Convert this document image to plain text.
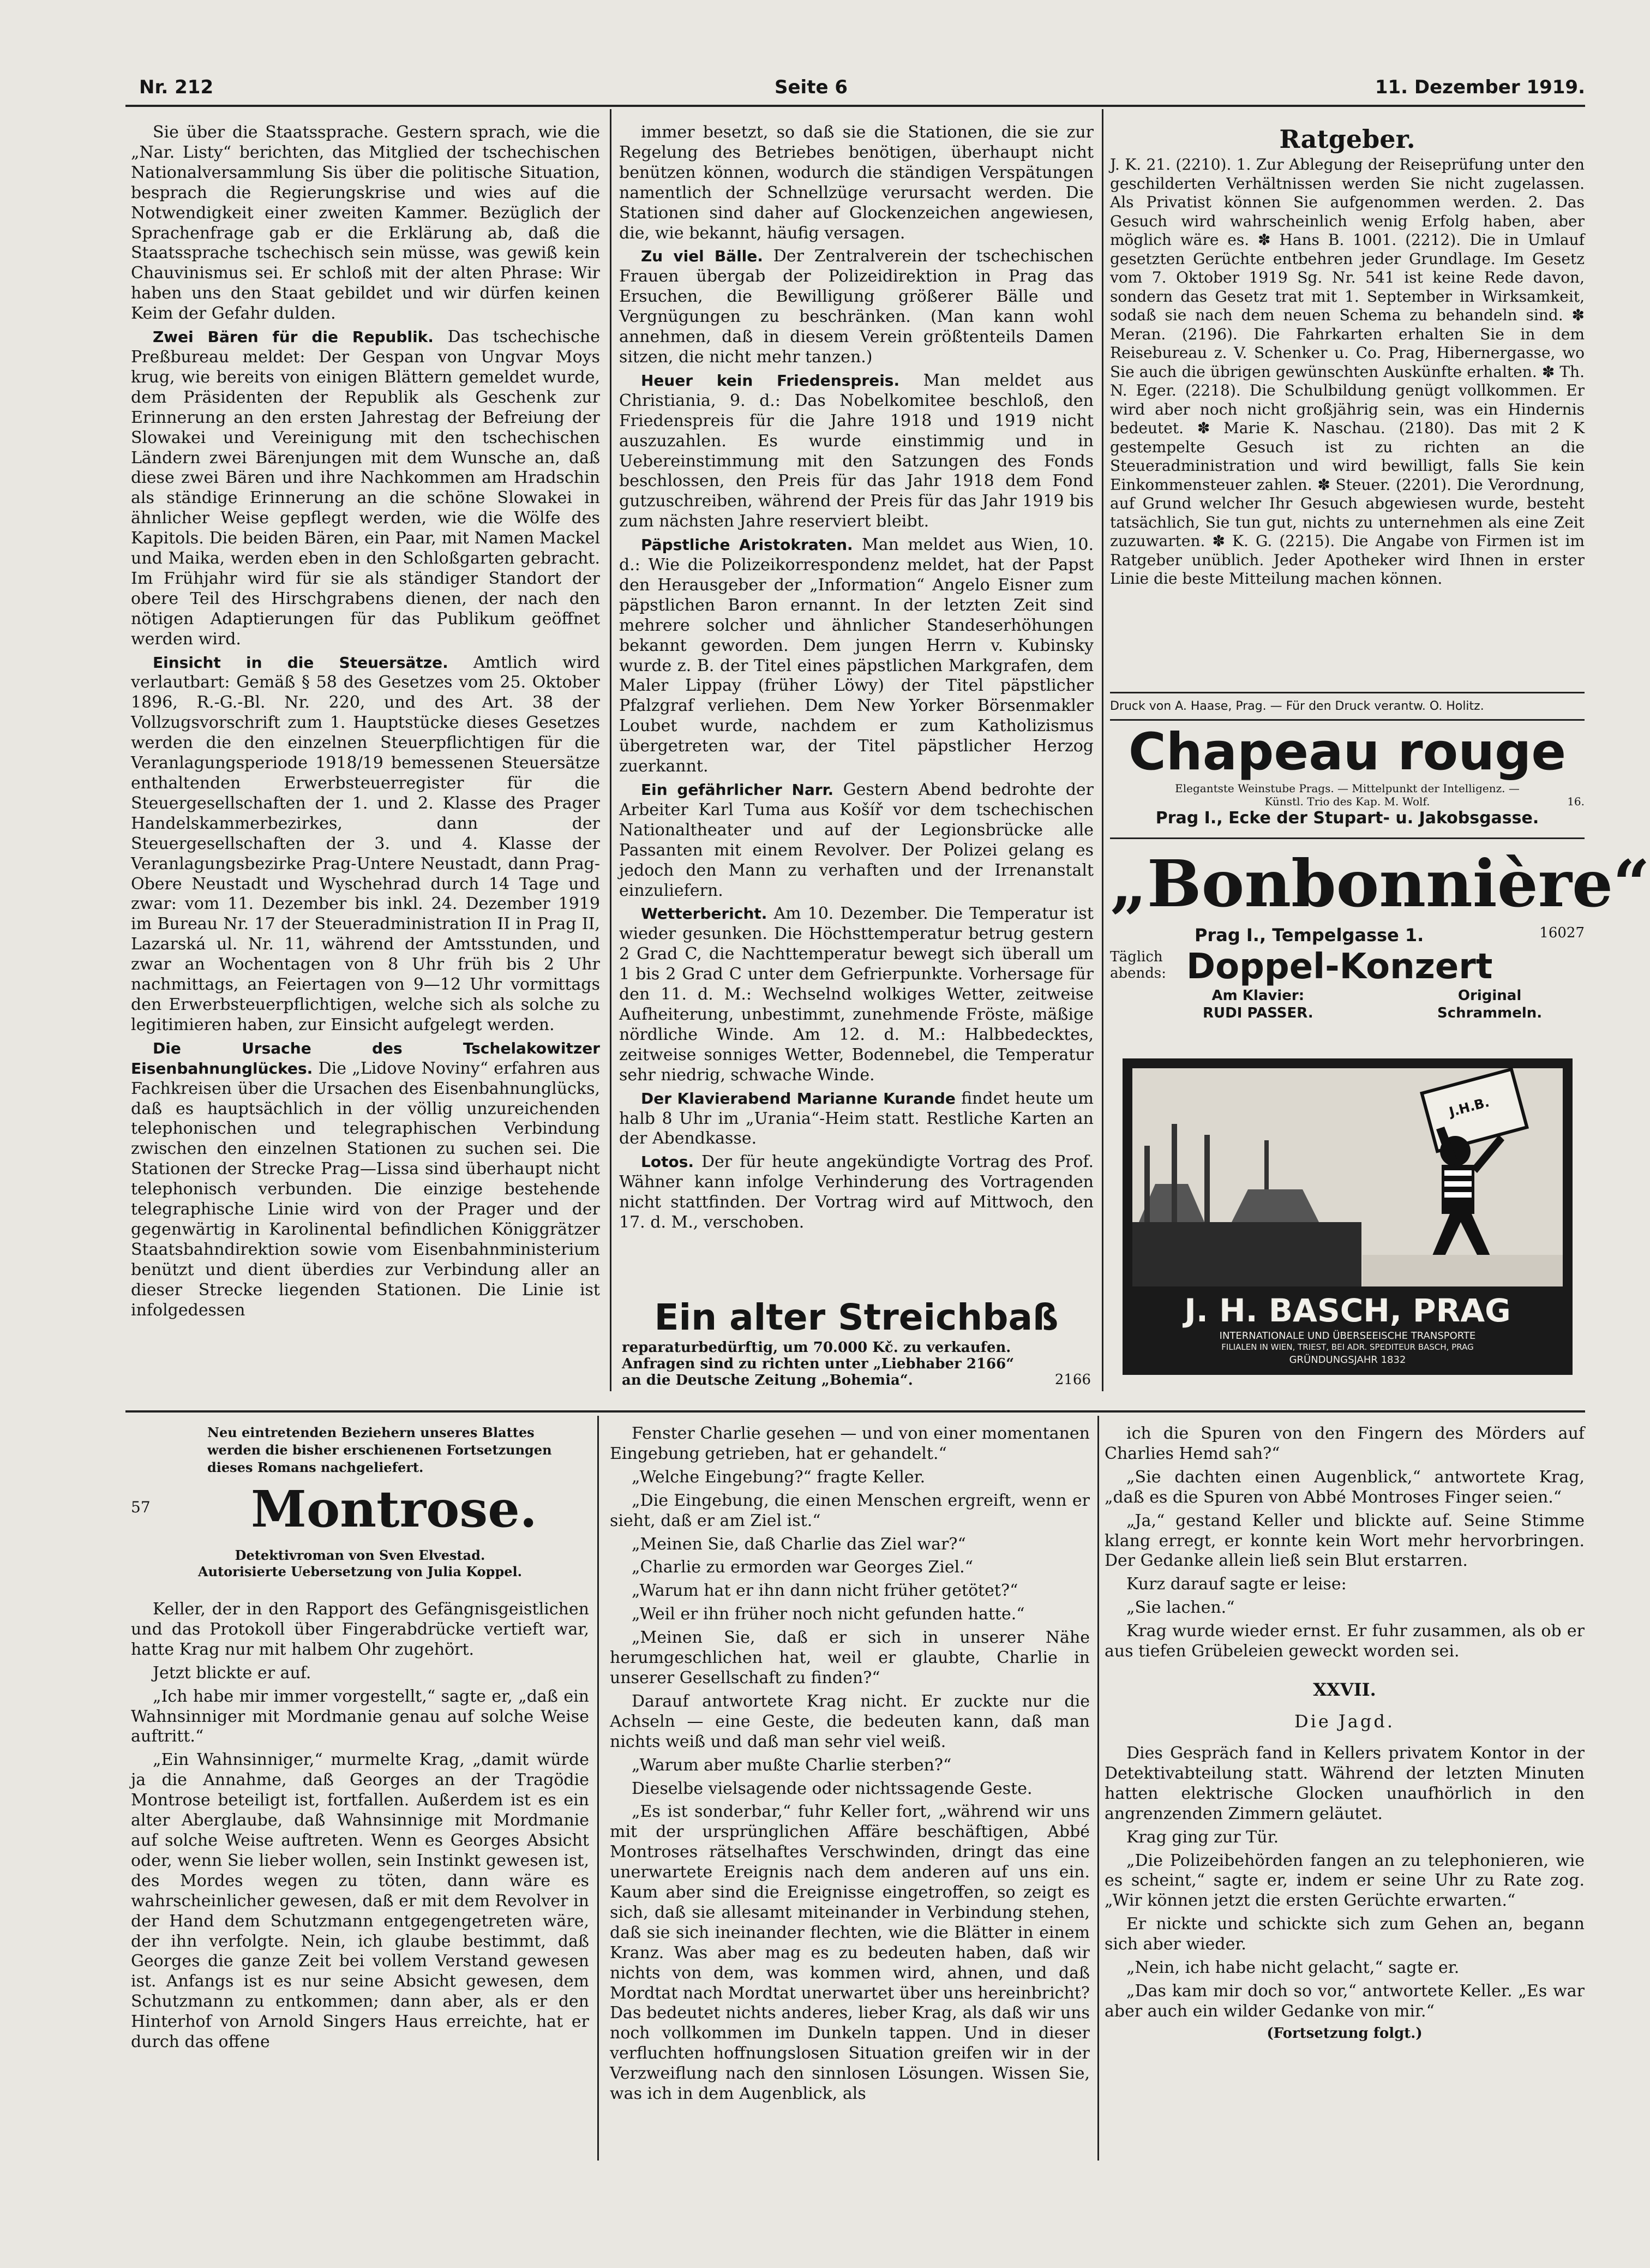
Nr. 212	Seite 6	11. Dezember 1919.

Sie über die Staatssprache. Gestern sprach, wie die „Nar. Listy“ berichten, das Mitglied der tschechischen Nationalversammlung Sis über die politische Situation, besprach die Regierungskrise und wies auf die Notwendigkeit einer zweiten Kammer. Bezüglich der Sprachenfrage gab er die Erklärung ab, daß die Staatssprache tschechisch sein müsse, was gewiß kein Chauvinismus sei. Er schloß mit der alten Phrase: Wir haben uns den Staat gebildet und wir dürfen keinen Keim der Gefahr dulden.

Zwei Bären für die Republik. Das tschechische Preßbureau meldet: Der Gespan von Ungvar Moys krug, wie bereits von einigen Blättern gemeldet wurde, dem Präsidenten der Republik als Geschenk zur Erinnerung an den ersten Jahrestag der Befreiung der Slowakei und Vereinigung mit den tschechischen Ländern zwei Bärenjungen mit dem Wunsche an, daß diese zwei Bären und ihre Nachkommen am Hradschin als ständige Erinnerung an die schöne Slowakei in ähnlicher Weise gepflegt werden, wie die Wölfe des Kapitols. Die beiden Bären, ein Paar, mit Namen Mackel und Maika, werden eben in den Schloßgarten gebracht. Im Frühjahr wird für sie als ständiger Standort der obere Teil des Hirschgrabens dienen, der nach den nötigen Adaptierungen für das Publikum geöffnet werden wird.

Einsicht in die Steuersätze. Amtlich wird verlautbart: Gemäß § 58 des Gesetzes vom 25. Oktober 1896, R.-G.-Bl. Nr. 220, und des Art. 38 der Vollzugsvorschrift zum 1. Hauptstücke dieses Gesetzes werden die den einzelnen Steuerpflichtigen für die Veranlagungsperiode 1918/19 bemessenen Steuersätze enthaltenden Erwerbsteuerregister für die Steuergesellschaften der 1. und 2. Klasse des Prager Handelskammerbezirkes, dann der Steuergesellschaften der 3. und 4. Klasse der Veranlagungsbezirke Prag-Untere Neustadt, dann Prag-Obere Neustadt und Wyschehrad durch 14 Tage und zwar: vom 11. Dezember bis inkl. 24. Dezember 1919 im Bureau Nr. 17 der Steueradministration II in Prag II, Lazarská ul. Nr. 11, während der Amtsstunden, und zwar an Wochentagen von 8 Uhr früh bis 2 Uhr nachmittags, an Feiertagen von 9—12 Uhr vormittags den Erwerbsteuerpflichtigen, welche sich als solche zu legitimieren haben, zur Einsicht aufgelegt werden.

Die Ursache des Tschelakowitzer Eisenbahnunglückes. Die „Lidove Noviny“ erfahren aus Fachkreisen über die Ursachen des Eisenbahnunglücks, daß es hauptsächlich in der völlig unzureichenden telephonischen und telegraphischen Verbindung zwischen den einzelnen Stationen zu suchen sei. Die Stationen der Strecke Prag—Lissa sind überhaupt nicht telephonisch verbunden. Die einzige bestehende telegraphische Linie wird von der Prager und der gegenwärtig in Karolinental befindlichen Königgrätzer Staatsbahndirektion sowie vom Eisenbahnministerium benützt und dient überdies zur Verbindung aller an dieser Strecke liegenden Stationen. Die Linie ist infolgedessen

immer besetzt, so daß sie die Stationen, die sie zur Regelung des Betriebes benötigen, überhaupt nicht benützen können, wodurch die ständigen Verspätungen namentlich der Schnellzüge verursacht werden. Die Stationen sind daher auf Glockenzeichen angewiesen, die, wie bekannt, häufig versagen.

Zu viel Bälle. Der Zentralverein der tschechischen Frauen übergab der Polizeidirektion in Prag das Ersuchen, die Bewilligung größerer Bälle und Vergnügungen zu beschränken. (Man kann wohl annehmen, daß in diesem Verein größtenteils Damen sitzen, die nicht mehr tanzen.)

Heuer kein Friedenspreis. Man meldet aus Christiania, 9. d.: Das Nobelkomitee beschloß, den Friedenspreis für die Jahre 1918 und 1919 nicht auszuzahlen. Es wurde einstimmig und in Uebereinstimmung mit den Satzungen des Fonds beschlossen, den Preis für das Jahr 1918 dem Fond gutzuschreiben, während der Preis für das Jahr 1919 bis zum nächsten Jahre reserviert bleibt.

Päpstliche Aristokraten. Man meldet aus Wien, 10. d.: Wie die Polizeikorrespondenz meldet, hat der Papst den Herausgeber der „Information“ Angelo Eisner zum päpstlichen Baron ernannt. In der letzten Zeit sind mehrere solcher und ähnlicher Standeserhöhungen bekannt geworden. Dem jungen Herrn v. Kubinsky wurde z. B. der Titel eines päpstlichen Markgrafen, dem Maler Lippay (früher Löwy) der Titel päpstlicher Pfalzgraf verliehen. Dem New Yorker Börsenmakler Loubet wurde, nachdem er zum Katholizismus übergetreten war, der Titel päpstlicher Herzog zuerkannt.

Ein gefährlicher Narr. Gestern Abend bedrohte der Arbeiter Karl Tuma aus Košíř vor dem tschechischen Nationaltheater und auf der Legionsbrücke alle Passanten mit einem Revolver. Der Polizei gelang es jedoch den Mann zu verhaften und der Irrenanstalt einzuliefern.

Wetterbericht. Am 10. Dezember. Die Temperatur ist wieder gesunken. Die Höchsttemperatur betrug gestern 2 Grad C, die Nachttemperatur bewegt sich überall um 1 bis 2 Grad C unter dem Gefrierpunkte. Vorhersage für den 11. d. M.: Wechselnd wolkiges Wetter, zeitweise Aufheiterung, unbestimmt, zunehmende Fröste, mäßige nördliche Winde. Am 12. d. M.: Halbbedecktes, zeitweise sonniges Wetter, Bodennebel, die Temperatur sehr niedrig, schwache Winde.

Der Klavierabend Marianne Kurande findet heute um halb 8 Uhr im „Urania“-Heim statt. Restliche Karten an der Abendkasse.

Lotos. Der für heute angekündigte Vortrag des Prof. Wähner kann infolge Verhinderung des Vortragenden nicht stattfinden. Der Vortrag wird auf Mittwoch, den 17. d. M., verschoben.

Ein alter Streichbaß
reparaturbedürftig, um 70.000 Kč. zu verkaufen. Anfragen sind zu richten unter „Liebhaber 2166“ an die Deutsche Zeitung „Bohemia“.	2166
Ratgeber.

J. K. 21. (2210). 1. Zur Ablegung der Reiseprüfung unter den geschilderten Verhältnissen werden Sie nicht zugelassen. Als Privatist können Sie aufgenommen werden. 2. Das Gesuch wird wahrscheinlich wenig Erfolg haben, aber möglich wäre es. ✽ Hans B. 1001. (2212). Die in Umlauf gesetzten Gerüchte entbehren jeder Grundlage. Im Gesetz vom 7. Oktober 1919 Sg. Nr. 541 ist keine Rede davon, sondern das Gesetz trat mit 1. September in Wirksamkeit, sodaß sie nach dem neuen Schema zu behandeln sind. ✽ Meran. (2196). Die Fahrkarten erhalten Sie in dem Reisebureau z. V. Schenker u. Co. Prag, Hibernergasse, wo Sie auch die übrigen gewünschten Auskünfte erhalten. ✽ Th. N. Eger. (2218). Die Schulbildung genügt vollkommen. Er wird aber noch nicht großjährig sein, was ein Hindernis bedeutet. ✽ Marie K. Naschau. (2180). Das mit 2 K gestempelte Gesuch ist zu richten an die Steueradministration und wird bewilligt, falls Sie kein Einkommensteuer zahlen. ✽ Steuer. (2201). Die Verordnung, auf Grund welcher Ihr Gesuch abgewiesen wurde, besteht tatsächlich, Sie tun gut, nichts zu unternehmen als eine Zeit zuzuwarten. ✽ K. G. (2215). Die Angabe von Firmen ist im Ratgeber unüblich. Jeder Apotheker wird Ihnen in erster Linie die beste Mitteilung machen können.

Druck von A. Haase, Prag. — Für den Druck verantw. O. Holitz.
Chapeau rouge
Elegantste Weinstube Prags. — Mittelpunkt der Intelligenz. —
Künstl. Trio des Kap. M. Wolf.	16.
Prag I., Ecke der Stupart- u. Jakobsgasse.
„Bonbonnière“
Prag I., Tempelgasse 1.	16027
Täglich abends: Doppel-Konzert
Am Klavier:
RUDI PASSER.
Original
Schrammeln.
J.H.B.
J. H. BASCH, PRAG
INTERNATIONALE UND ÜBERSEEISCHE TRANSPORTE
FILIALEN IN WIEN, TRIEST, BEI ADR. SPEDITEUR BASCH, PRAG
GRÜNDUNGSJAHR 1832
Neu eintretenden Beziehern unseres Blattes werden die bisher erschienenen Fortsetzungen dieses Romans nachgeliefert.
57 Montrose.
Detektivroman von Sven Elvestad.
Autorisierte Uebersetzung von Julia Koppel.

Keller, der in den Rapport des Gefängnisgeistlichen und das Protokoll über Fingerabdrücke vertieft war, hatte Krag nur mit halbem Ohr zugehört.

Jetzt blickte er auf.

„Ich habe mir immer vorgestellt,“ sagte er, „daß ein Wahnsinniger mit Mordmanie genau auf solche Weise auftritt.“

„Ein Wahnsinniger,“ murmelte Krag, „damit würde ja die Annahme, daß Georges an der Tragödie Montrose beteiligt ist, fortfallen. Außerdem ist es ein alter Aberglaube, daß Wahnsinnige mit Mordmanie auf solche Weise auftreten. Wenn es Georges Absicht oder, wenn Sie lieber wollen, sein Instinkt gewesen ist, des Mordes wegen zu töten, dann wäre es wahrscheinlicher gewesen, daß er mit dem Revolver in der Hand dem Schutzmann entgegengetreten wäre, der ihn verfolgte. Nein, ich glaube bestimmt, daß Georges die ganze Zeit bei vollem Verstand gewesen ist. Anfangs ist es nur seine Absicht gewesen, dem Schutzmann zu entkommen; dann aber, als er den Hinterhof von Arnold Singers Haus erreichte, hat er durch das offene

Fenster Charlie gesehen — und von einer momentanen Eingebung getrieben, hat er gehandelt.“

„Welche Eingebung?“ fragte Keller.

„Die Eingebung, die einen Menschen ergreift, wenn er sieht, daß er am Ziel ist.“

„Meinen Sie, daß Charlie das Ziel war?“

„Charlie zu ermorden war Georges Ziel.“

„Warum hat er ihn dann nicht früher getötet?“

„Weil er ihn früher noch nicht gefunden hatte.“

„Meinen Sie, daß er sich in unserer Nähe herumgeschlichen hat, weil er glaubte, Charlie in unserer Gesellschaft zu finden?“

Darauf antwortete Krag nicht. Er zuckte nur die Achseln — eine Geste, die bedeuten kann, daß man nichts weiß und daß man sehr viel weiß.

„Warum aber mußte Charlie sterben?“

Dieselbe vielsagende oder nichtssagende Geste.

„Es ist sonderbar,“ fuhr Keller fort, „während wir uns mit der ursprünglichen Affäre beschäftigen, Abbé Montroses rätselhaftes Verschwinden, dringt das eine unerwartete Ereignis nach dem anderen auf uns ein. Kaum aber sind die Ereignisse eingetroffen, so zeigt es sich, daß sie allesamt miteinander in Verbindung stehen, daß sie sich ineinander flechten, wie die Blätter in einem Kranz. Was aber mag es zu bedeuten haben, daß wir nichts von dem, was kommen wird, ahnen, und daß Mordtat nach Mordtat unerwartet über uns hereinbricht? Das bedeutet nichts anderes, lieber Krag, als daß wir uns noch vollkommen im Dunkeln tappen. Und in dieser verfluchten hoffnungslosen Situation greifen wir in der Verzweiflung nach den sinnlosen Lösungen. Wissen Sie, was ich in dem Augenblick, als

ich die Spuren von den Fingern des Mörders auf Charlies Hemd sah?“

„Sie dachten einen Augenblick,“ antwortete Krag, „daß es die Spuren von Abbé Montroses Finger seien.“

„Ja,“ gestand Keller und blickte auf. Seine Stimme klang erregt, er konnte kein Wort mehr hervorbringen. Der Gedanke allein ließ sein Blut erstarren.

Kurz darauf sagte er leise:

„Sie lachen.“

Krag wurde wieder ernst. Er fuhr zusammen, als ob er aus tiefen Grübeleien geweckt worden sei.

XXVII.
Die Jagd.

Dies Gespräch fand in Kellers privatem Kontor in der Detektivabteilung statt. Während der letzten Minuten hatten elektrische Glocken unaufhörlich in den angrenzenden Zimmern geläutet.

Krag ging zur Tür.

„Die Polizeibehörden fangen an zu telephonieren, wie es scheint,“ sagte er, indem er seine Uhr zu Rate zog. „Wir können jetzt die ersten Gerüchte erwarten.“

Er nickte und schickte sich zum Gehen an, begann sich aber wieder.

„Nein, ich habe nicht gelacht,“ sagte er.

„Das kam mir doch so vor,“ antwortete Keller. „Es war aber auch ein wilder Gedanke von mir.“

(Fortsetzung folgt.)
